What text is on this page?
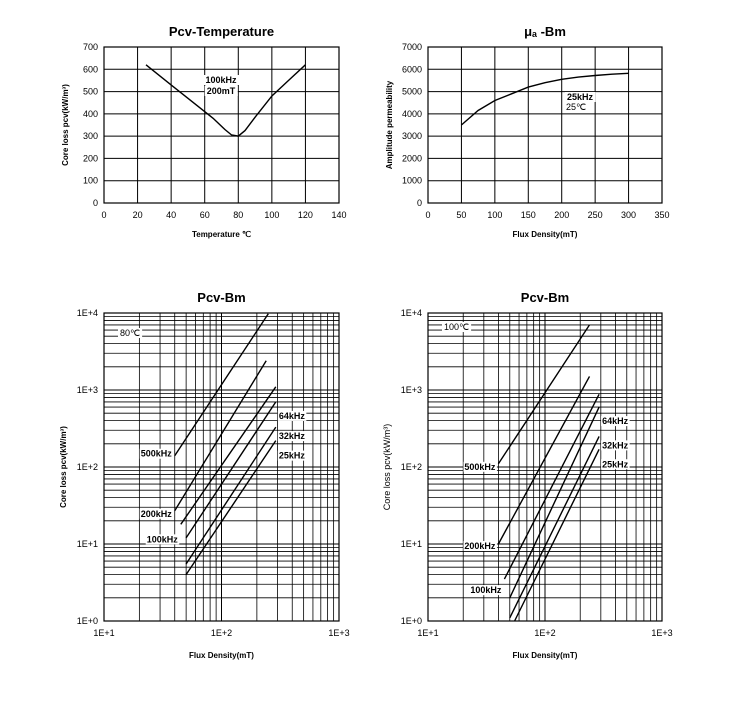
Pcv-Temperature
0	20	40	60	80 100 120 140
0
100
200
300
400
500
600
700
Temperature ℃
Core loss pcv(kW/m³)
100kHz
200mT
μₐ -Bm
0	50 100 150 200 250 300 350
0
1000
2000
3000
4000
5000
6000
7000
Flux Density(mT)
Amplitude permeability	25kHz
25℃
Pcv-Bm
1E+1	1E+2	1E+3
1E+0
1E+1
1E+2
1E+3
1E+4
Flux Density(mT)
Core loss pcv(kW/m³)	500kHz
200kHz
100kHz
64kHz
32kHz
25kHz
80℃
Pcv-Bm
1E+1	1E+2	1E+3
1E+0
1E+1
1E+2
1E+3
1E+4
Flux Density(mT)
Core loss pcv(kW/m³)	500kHz
200kHz
100kHz
64kHz
32kHz
25kHz
100℃
